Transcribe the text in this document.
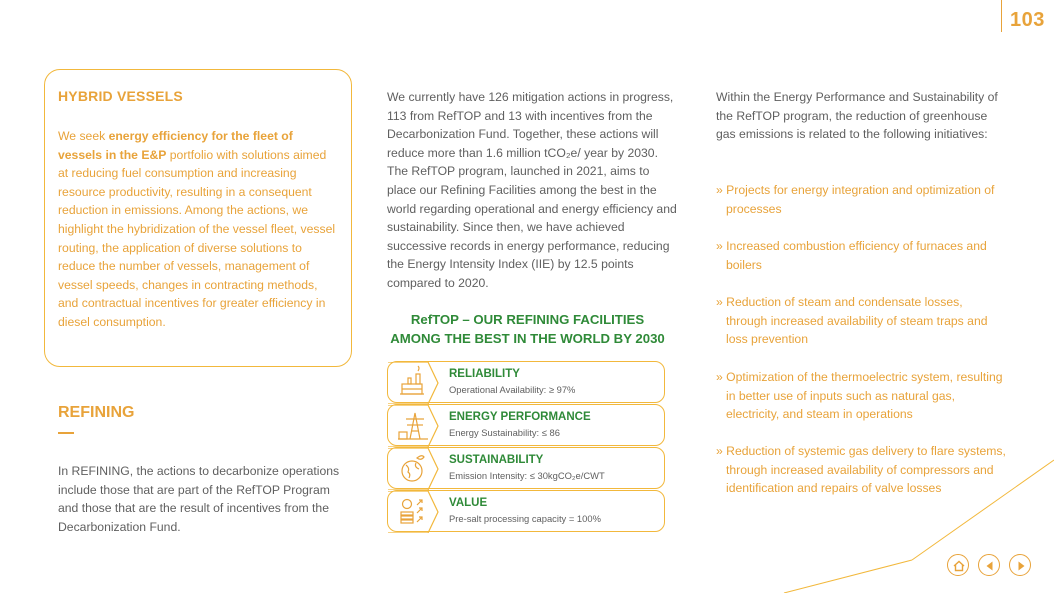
103
HYBRID VESSELS
We seek energy efficiency for the fleet of vessels in the E&P portfolio with solutions aimed at reducing fuel consumption and increasing resource productivity, resulting in a consequent reduction in emissions. Among the actions, we highlight the hybridization of the vessel fleet, vessel routing, the application of diverse solutions to reduce the number of vessels, management of vessel speeds, changes in contracting methods, and contractual incentives for greater efficiency in diesel consumption.
REFINING
In REFINING, the actions to decarbonize operations include those that are part of the RefTOP Program and those that are the result of incentives from the Decarbonization Fund.
We currently have 126 mitigation actions in progress, 113 from RefTOP and 13 with incentives from the Decarbonization Fund. Together, these actions will reduce more than 1.6 million tCO₂e/ year by 2030. The RefTOP program, launched in 2021, aims to place our Refining Facilities among the best in the world regarding operational and energy efficiency and sustainability. Since then, we have achieved successive records in energy performance, reducing the Energy Intensity Index (IIE) by 12.5 points compared to 2020.
RefTOP – OUR REFINING FACILITIES AMONG THE BEST IN THE WORLD BY 2030
RELIABILITY
Operational Availability: ≥ 97%
ENERGY PERFORMANCE
Energy Sustainability: ≤ 86
SUSTAINABILITY
Emission Intensity: ≤ 30kgCO₂e/CWT
VALUE
Pre-salt processing capacity = 100%
Within the Energy Performance and Sustainability of the RefTOP program, the reduction of greenhouse gas emissions is related to the following initiatives:
» Projects for energy integration and optimization of processes
» Increased combustion efficiency of furnaces and boilers
» Reduction of steam and condensate losses, through increased availability of steam traps and loss prevention
» Optimization of the thermoelectric system, resulting in better use of inputs such as natural gas, electricity, and steam in operations
» Reduction of systemic gas delivery to flare systems, through increased availability of compressors and identification and repairs of valve losses
